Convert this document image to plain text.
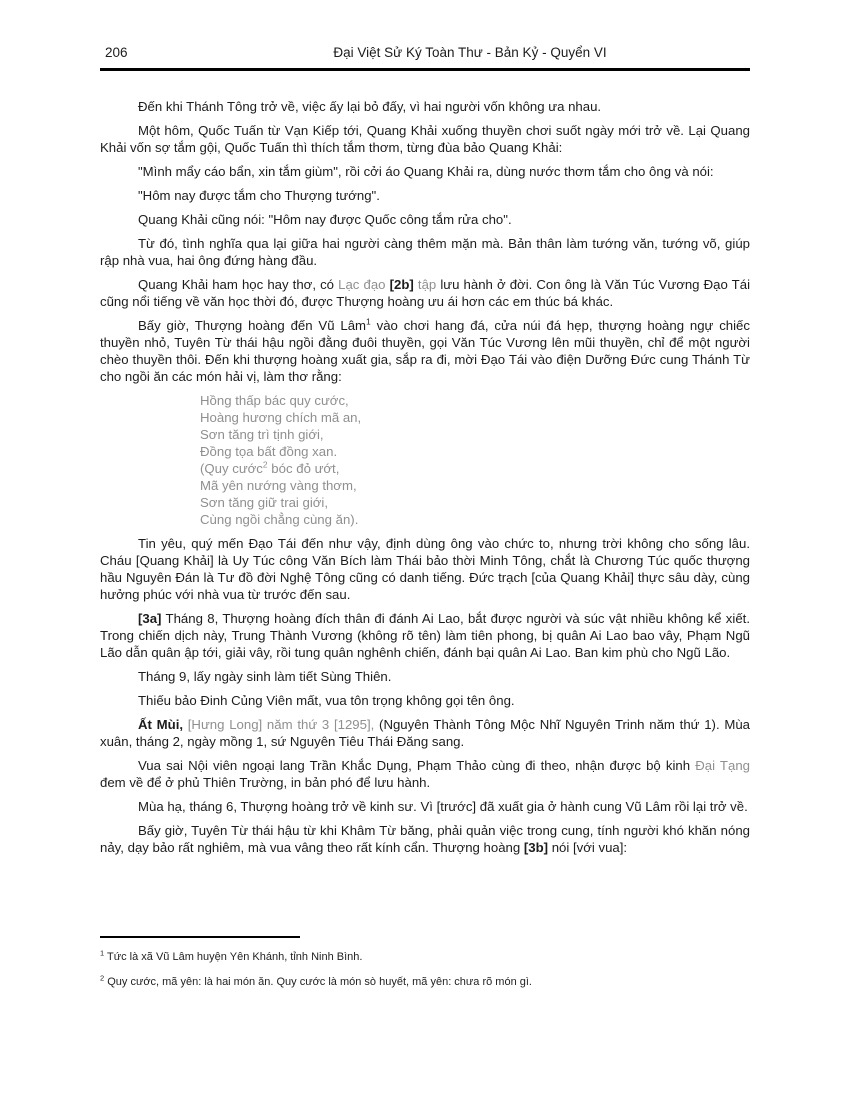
206	Đại Việt Sử Ký Toàn Thư - Bản Kỷ - Quyển VI

Đến khi Thánh Tông trở về, việc ấy lại bỏ đấy, vì hai người vốn không ưa nhau.

Một hôm, Quốc Tuấn từ Vạn Kiếp tới, Quang Khải xuống thuyền chơi suốt ngày mới trở về. Lại Quang Khải vốn sợ tắm gội, Quốc Tuấn thì thích tắm thơm, từng đùa bảo Quang Khải:

"Mình mẩy cáo bẩn, xin tắm giùm", rồi cởi áo Quang Khải ra, dùng nước thơm tắm cho ông và nói:

"Hôm nay được tắm cho Thượng tướng".

Quang Khải cũng nói: "Hôm nay được Quốc công tắm rửa cho".

Từ đó, tình nghĩa qua lại giữa hai người càng thêm mặn mà. Bản thân làm tướng văn, tướng võ, giúp rập nhà vua, hai ông đứng hàng đầu.

Quang Khải ham học hay thơ, có Lạc đạo [2b] tập lưu hành ở đời. Con ông là Văn Túc Vương Đạo Tái cũng nổi tiếng về văn học thời đó, được Thượng hoàng ưu ái hơn các em thúc bá khác.

Bấy giờ, Thượng hoàng đến Vũ Lâm$^1$ vào chơi hang đá, cửa núi đá hẹp, thượng hoàng ngự chiếc thuyền nhỏ, Tuyên Từ thái hậu ngồi đằng đuôi thuyền, gọi Văn Túc Vương lên mũi thuyền, chỉ để một người chèo thuyền thôi. Đến khi thượng hoàng xuất gia, sắp ra đi, mời Đạo Tái vào điện Dưỡng Đức cung Thánh Từ cho ngồi ăn các món hải vị, làm thơ rằng:

Hồng thấp bác quy cước,
Hoàng hương chích mã an,
Sơn tăng trì tịnh giới,
Đồng tọa bất đồng xan.
(Quy cước$^2$ bóc đỏ ướt,
Mã yên nướng vàng thơm,
Sơn tăng giữ trai giới,
Cùng ngồi chẳng cùng ăn).

Tin yêu, quý mến Đạo Tái đến như vậy, định dùng ông vào chức to, nhưng trời không cho sống lâu. Cháu [Quang Khải] là Uy Túc công Văn Bích làm Thái bảo thời Minh Tông, chắt là Chương Túc quốc thượng hầu Nguyên Đán là Tư đồ đời Nghệ Tông cũng có danh tiếng. Đức trạch [của Quang Khải] thực sâu dày, cùng hưởng phúc với nhà vua từ trước đến sau.

[3a] Tháng 8, Thượng hoàng đích thân đi đánh Ai Lao, bắt được người và súc vật nhiều không kể xiết. Trong chiến dịch này, Trung Thành Vương (không rõ tên) làm tiên phong, bị quân Ai Lao bao vây, Phạm Ngũ Lão dẫn quân ập tới, giải vây, rồi tung quân nghênh chiến, đánh bại quân Ai Lao. Ban kim phù cho Ngũ Lão.

Tháng 9, lấy ngày sinh làm tiết Sùng Thiên.

Thiếu bảo Đinh Củng Viên mất, vua tôn trọng không gọi tên ông.

Ất Mùi, [Hưng Long] năm thứ 3 [1295], (Nguyên Thành Tông Mộc Nhĩ Nguyên Trinh năm thứ 1). Mùa xuân, tháng 2, ngày mồng 1, sứ Nguyên Tiêu Thái Đăng sang.

Vua sai Nội viên ngoại lang Trần Khắc Dụng, Phạm Thảo cùng đi theo, nhận được bộ kinh Đại Tạng đem về để ở phủ Thiên Trường, in bản phó để lưu hành.

Mùa hạ, tháng 6, Thượng hoàng trở về kinh sư. Vì [trước] đã xuất gia ở hành cung Vũ Lâm rồi lại trở về.

Bấy giờ, Tuyên Từ thái hậu từ khi Khâm Từ băng, phải quản việc trong cung, tính người khó khăn nóng nảy, dạy bảo rất nghiêm, mà vua vâng theo rất kính cẩn. Thượng hoàng [3b] nói [với vua]:

$^1$ Tức là xã Vũ Lâm huyện Yên Khánh, tỉnh Ninh Bình.

$^2$ Quy cước, mã yên: là hai món ăn. Quy cước là món sò huyết, mã yên: chưa rõ món gì.
